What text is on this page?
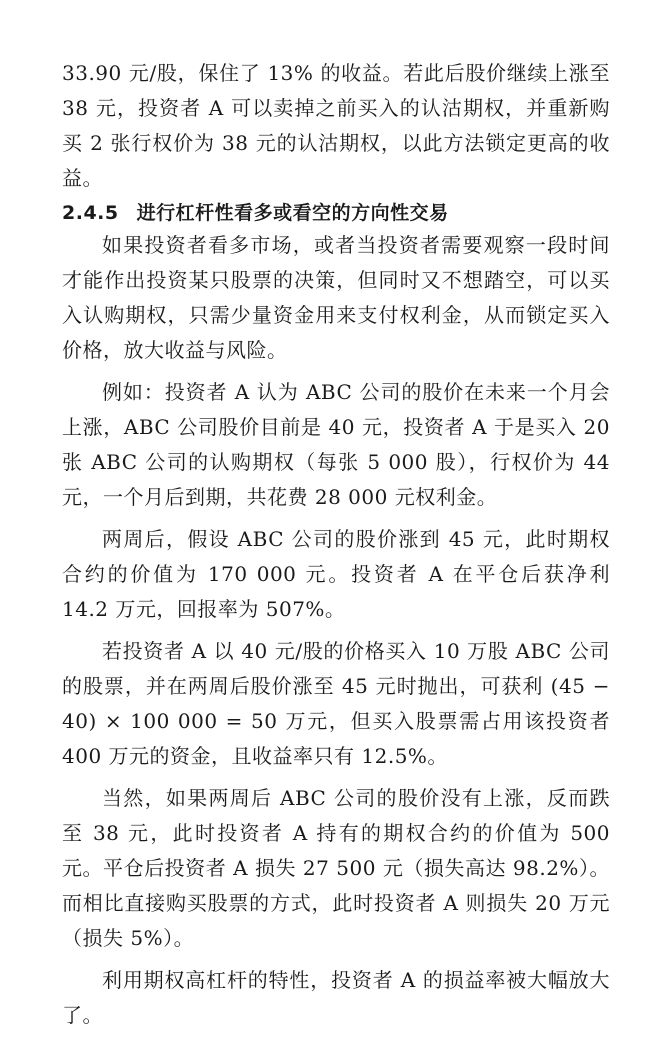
33.90 元/股，保住了 13% 的收益。若此后股价继续上涨至 38 元，投资者 A 可以卖掉之前买入的认沽期权，并重新购买 2 张行权价为 38 元的认沽期权，以此方法锁定更高的收益。

2.4.5 进行杠杆性看多或看空的方向性交易

如果投资者看多市场，或者当投资者需要观察一段时间才能作出投资某只股票的决策，但同时又不想踏空，可以买入认购期权，只需少量资金用来支付权利金，从而锁定买入价格，放大收益与风险。

例如：投资者 A 认为 ABC 公司的股价在未来一个月会上涨，ABC 公司股价目前是 40 元，投资者 A 于是买入 20 张 ABC 公司的认购期权（每张 5 000 股），行权价为 44 元，一个月后到期，共花费 28 000 元权利金。

两周后，假设 ABC 公司的股价涨到 45 元，此时期权合约的价值为 170 000 元。投资者 A 在平仓后获净利 14.2 万元，回报率为 507%。

若投资者 A 以 40 元/股的价格买入 10 万股 ABC 公司的股票，并在两周后股价涨至 45 元时抛出，可获利 (45 − 40) × 100 000 = 50 万元，但买入股票需占用该投资者 400 万元的资金，且收益率只有 12.5%。

当然，如果两周后 ABC 公司的股价没有上涨，反而跌至 38 元，此时投资者 A 持有的期权合约的价值为 500 元。平仓后投资者 A 损失 27 500 元（损失高达 98.2%）。而相比直接购买股票的方式，此时投资者 A 则损失 20 万元（损失 5%）。

利用期权高杠杆的特性，投资者 A 的损益率被大幅放大了。
